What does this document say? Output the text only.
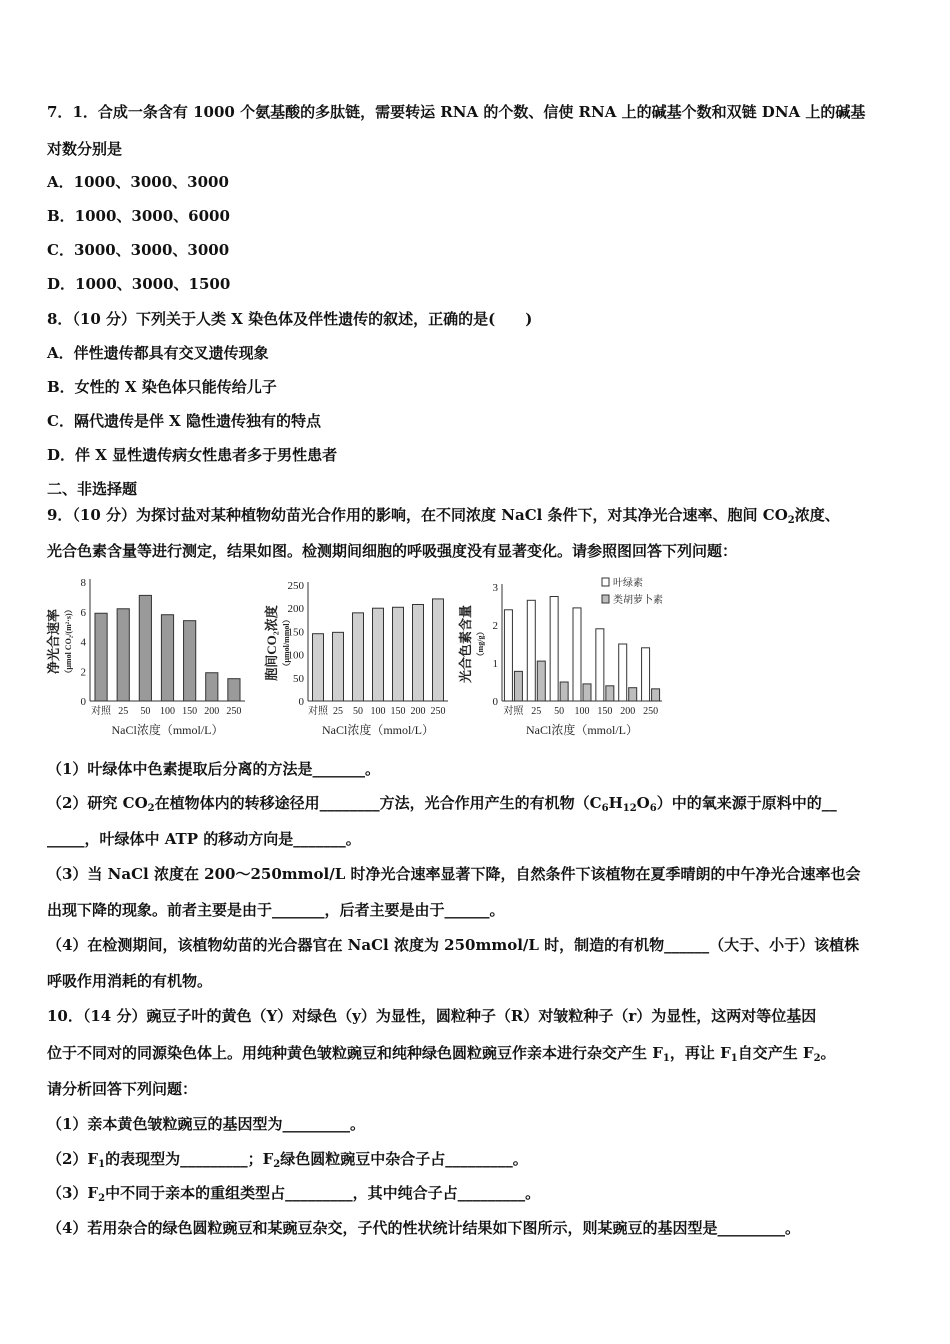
7．1．合成一条含有 1000 个氨基酸的多肽链，需要转运 RNA 的个数、信使 RNA 上的碱基个数和双链 DNA 上的碱基
对数分别是
A．1000、3000、3000
B．1000、3000、6000
C．3000、3000、3000
D．1000、3000、1500
8．（10 分）下列关于人类 X 染色体及伴性遗传的叙述，正确的是(　　)
A．伴性遗传都具有交叉遗传现象
B．女性的 X 染色体只能传给儿子
C．隔代遗传是伴 X 隐性遗传独有的特点
D．伴 X 显性遗传病女性患者多于男性患者
二、非选择题
9．（10 分）为探讨盐对某种植物幼苗光合作用的影响，在不同浓度 NaCl 条件下，对其净光合速率、胞间 $CO_2$浓度、
光合色素含量等进行测定，结果如图。检测期间细胞的呼吸强度没有显著变化。请参照图回答下列问题：
（1）叶绿体中色素提取后分离的方法是_______。
（2）研究 $CO_2$在植物体内的转移途径用________方法，光合作用产生的有机物$(C_6H_{12}O_6)$中的氧来源于原料中的__
_____，叶绿体中 ATP 的移动方向是_______。
（3）当 NaCl 浓度在 200～250mmol/L 时净光合速率显著下降，自然条件下该植物在夏季晴朗的中午净光合速率也会
出现下降的现象。前者主要是由于_______，后者主要是由于______。
（4）在检测期间，该植物幼苗的光合器官在 NaCl 浓度为 250mmol/L 时，制造的有机物______（大于、小于）该植株
呼吸作用消耗的有机物。
10．（14 分）豌豆子叶的黄色（Y）对绿色（y）为显性，圆粒种子（R）对皱粒种子（r）为显性，这两对等位基因
位于不同对的同源染色体上。用纯种黄色皱粒豌豆和纯种绿色圆粒豌豆作亲本进行杂交产生 $F_1$，再让 $F_1$自交产生 $F_2$。
请分析回答下列问题：
（1）亲本黄色皱粒豌豆的基因型为_________。
$(2)F_1$的表现型为_________；$F_2$绿色圆粒豌豆中杂合子占_________。
$(3)F_2$中不同于亲本的重组类型占_________，其中纯合子占_________。
（4）若用杂合的绿色圆粒豌豆和某豌豆杂交，子代的性状统计结果如下图所示，则某豌豆的基因型是_________。
0
2
4
6
8
对照 25 50 100 150 200 250
NaCl浓度（mmol/L）
净光合速率 （μmol CO₂/(m²·s)）
0
50
100
150
200
250
对照 25 50 100 150 200 250
NaCl浓度（mmol/L）
胞间CO₂浓度 （μmol/mmol）
0
1
2
3
对照 25 50 100 150 200 250
叶绿素
类胡萝卜素
NaCl浓度（mmol/L）
光合色素含量 （mg/g）
